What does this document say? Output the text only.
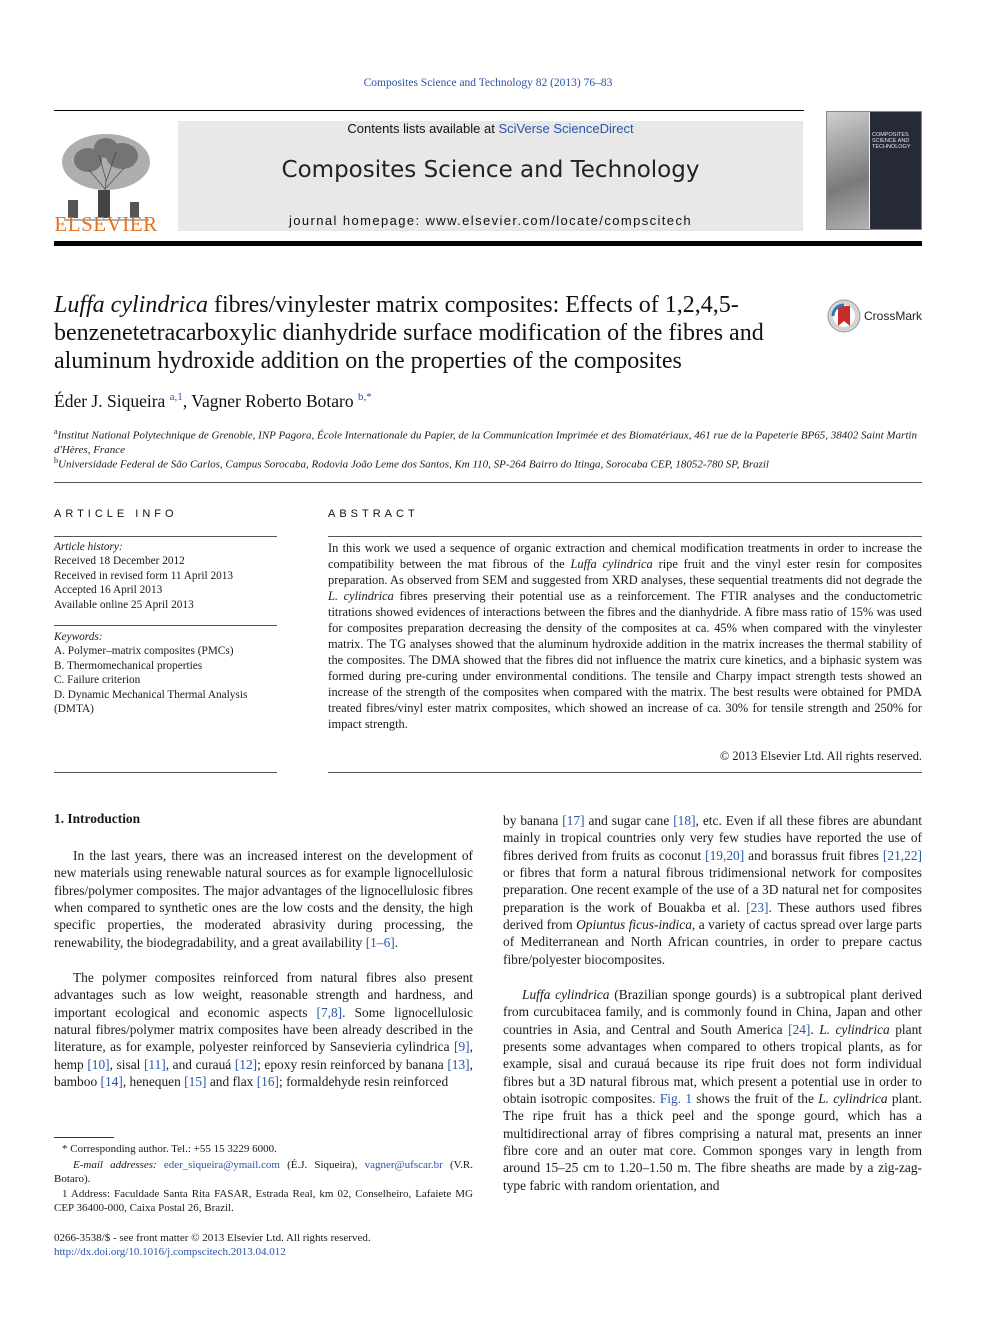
Composites Science and Technology 82 (2013) 76–83
ELSEVIER
Contents lists available at SciVerse ScienceDirect
Composites Science and Technology
journal homepage: www.elsevier.com/locate/compscitech
COMPOSITES SCIENCE AND TECHNOLOGY
Luffa cylindrica fibres/vinylester matrix composites: Effects of 1,2,4,5-benzenetetracarboxylic dianhydride surface modification of the fibres and aluminum hydroxide addition on the properties of the composites
CrossMark
Éder J. Siqueira $^{a,1}$, Vagner Roberto Botaro $^{b,*}$
$^a$Institut National Polytechnique de Grenoble, INP Pagora, École Internationale du Papier, de la Communication Imprimée et des Biomatériaux, 461 rue de la Papeterie BP65, 38402 Saint Martin d'Hères, France
$^b$Universidade Federal de São Carlos, Campus Sorocaba, Rodovia João Leme dos Santos, Km 110, SP-264 Bairro do Itinga, Sorocaba CEP, 18052-780 SP, Brazil
ARTICLE INFO
Article history:
Received 18 December 2012
Received in revised form 11 April 2013
Accepted 16 April 2013
Available online 25 April 2013
Keywords:
A. Polymer–matrix composites (PMCs)
B. Thermomechanical properties
C. Failure criterion
D. Dynamic Mechanical Thermal Analysis
(DMTA)
ABSTRACT
In this work we used a sequence of organic extraction and chemical modification treatments in order to increase the compatibility between the mat fibrous of the Luffa cylindrica ripe fruit and the vinyl ester resin for composites preparation. As observed from SEM and suggested from XRD analyses, these sequential treatments did not degrade the L. cylindrica fibres preserving their potential use as a reinforcement. The FTIR analyses and the conductometric titrations showed evidences of interactions between the fibres and the dianhydride. A fibre mass ratio of 15% was used for composites preparation decreasing the density of the composites at ca. 45% when compared with the vinylester matrix. The TG analyses showed that the aluminum hydroxide addition in the matrix increases the thermal stability of the composites. The DMA showed that the fibres did not influence the matrix cure kinetics, and a biphasic system was formed during pre-curing under environmental conditions. The tensile and Charpy impact strength tests showed an increase of the strength of the composites when compared with the matrix. The best results were obtained for PMDA treated fibres/vinyl ester matrix composites, which showed an increase of ca. 30% for tensile strength and 250% for impact strength.
© 2013 Elsevier Ltd. All rights reserved.
1. Introduction
In the last years, there was an increased interest on the development of new materials using renewable natural sources as for example lignocellulosic fibres/polymer composites. The major advantages of the lignocellulosic fibres when compared to synthetic ones are the low costs and the density, the high specific properties, the moderated abrasivity during processing, the renewability, the biodegradability, and a great availability [1–6].
The polymer composites reinforced from natural fibres also present advantages such as low weight, reasonable strength and hardness, and important ecological and economic aspects [7,8]. Some lignocellulosic natural fibres/polymer matrix composites have been already described in the literature, as for example, polyester reinforced by Sansevieria cylindrica [9], hemp [10], sisal [11], and curauá [12]; epoxy resin reinforced by banana [13], bamboo [14], henequen [15] and flax [16]; formaldehyde resin reinforced
by banana [17] and sugar cane [18], etc. Even if all these fibres are abundant mainly in tropical countries only very few studies have reported the use of fibres derived from fruits as coconut [19,20] and borassus fruit fibres [21,22] or fibres that form a natural fibrous tridimensional network for composites preparation. One recent example of the use of a 3D natural net for composites preparation is the work of Bouakba et al. [23]. These authors used fibres derived from Opiuntus ficus-indica, a variety of cactus spread over large parts of Mediterranean and North African countries, in order to prepare cactus fibre/polyester biocomposites.
Luffa cylindrica (Brazilian sponge gourds) is a subtropical plant derived from curcubitacea family, and is commonly found in China, Japan and other countries in Asia, and Central and South America [24]. L. cylindrica plant presents some advantages when compared to others tropical plants, as for example, sisal and curauá because its ripe fruit does not form individual fibres but a 3D natural fibrous mat, which present a potential use in order to obtain isotropic composites. Fig. 1 shows the fruit of the L. cylindrica plant. The ripe fruit has a thick peel and the sponge gourd, which has a multidirectional array of fibres comprising a natural mat, presents an inner fibre core and an outer mat core. Common sponges vary in length from around 15–25 cm to 1.20–1.50 m. The fibre sheaths are made by a zig-zag-type fabric with random orientation, and
* Corresponding author. Tel.: +55 15 3229 6000.
E-mail addresses: eder_siqueira@ymail.com (É.J. Siqueira), vagner@ufscar.br (V.R. Botaro).
1 Address: Faculdade Santa Rita FASAR, Estrada Real, km 02, Conselheiro, Lafaiete MG CEP 36400-000, Caixa Postal 26, Brazil.
0266-3538/$ - see front matter © 2013 Elsevier Ltd. All rights reserved.
http://dx.doi.org/10.1016/j.compscitech.2013.04.012
